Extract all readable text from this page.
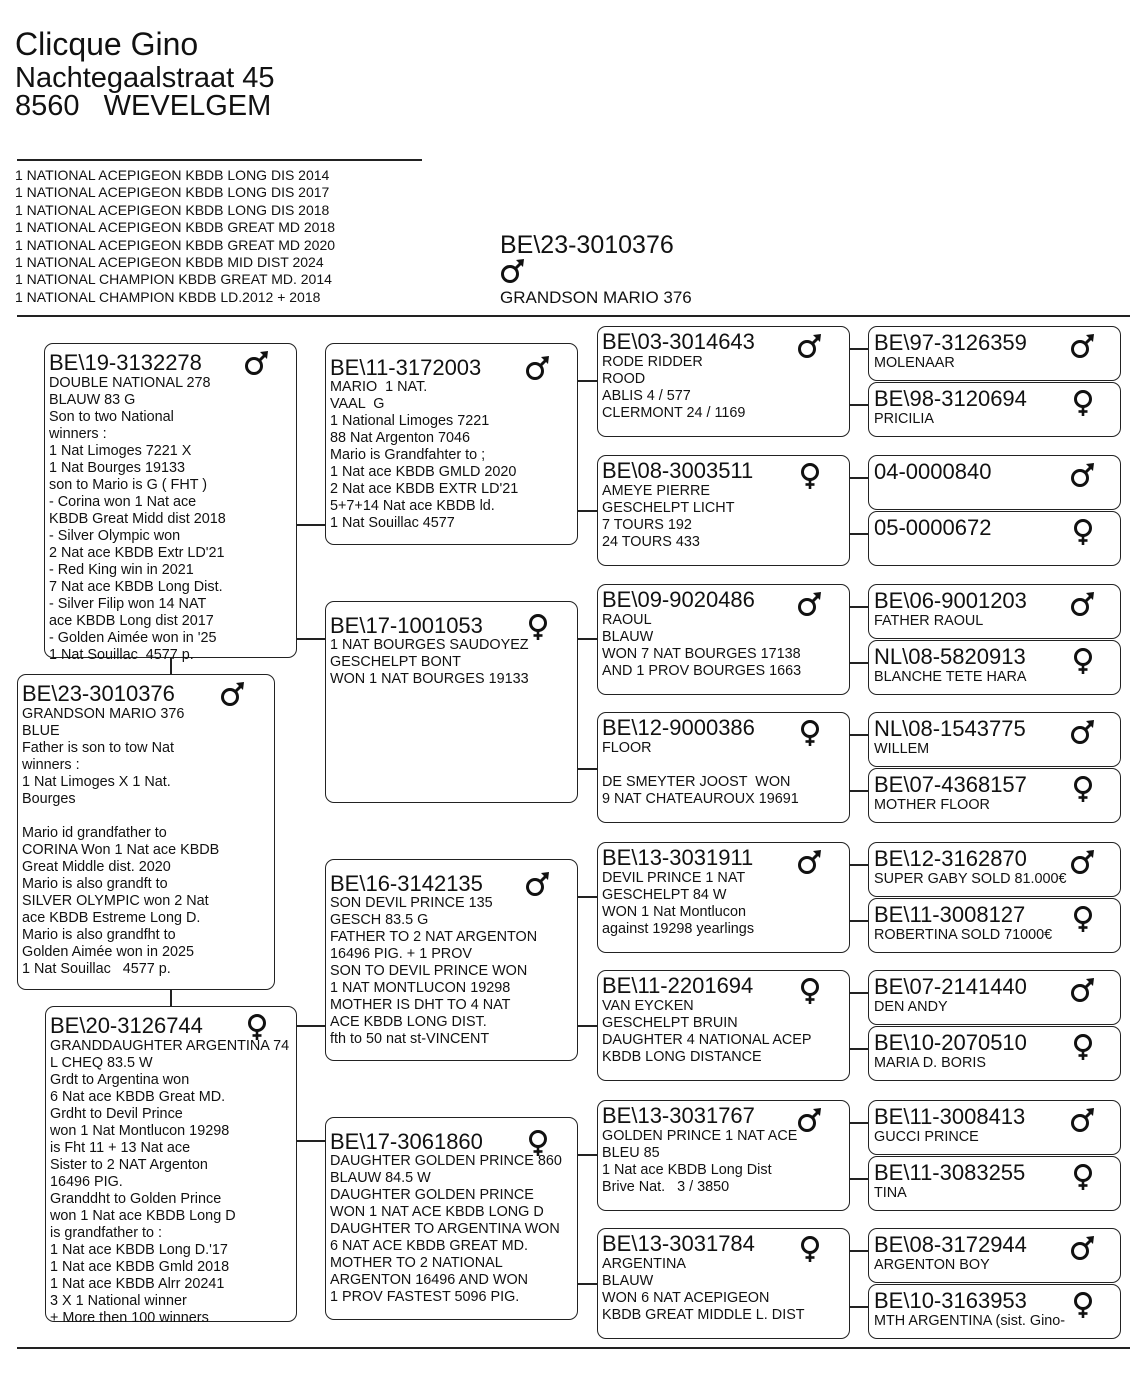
Clicque Gino
Nachtegaalstraat 45
8560   WEVELGEM
1 NATIONAL ACEPIGEON KBDB LONG DIS 2014
1 NATIONAL ACEPIGEON KBDB LONG DIS 2017
1 NATIONAL ACEPIGEON KBDB LONG DIS 2018
1 NATIONAL ACEPIGEON KBDB GREAT MD 2018
1 NATIONAL ACEPIGEON KBDB GREAT MD 2020
1 NATIONAL ACEPIGEON KBDB MID DIST 2024
1 NATIONAL CHAMPION KBDB GREAT MD. 2014
1 NATIONAL CHAMPION KBDB LD.2012 + 2018
BE\23-3010376
GRANDSON MARIO 376
BE\19-3132278
DOUBLE NATIONAL 278
BLAUW 83 G
Son to two National
winners :
1 Nat Limoges 7221 X
1 Nat Bourges 19133
son to Mario is G ( FHT )
- Corina won 1 Nat ace
KBDB Great Midd dist 2018
- Silver Olympic won
2 Nat ace KBDB Extr LD'21
- Red King win in 2021
7 Nat ace KBDB Long Dist.
- Silver Filip won 14 NAT
ace KBDB Long dist 2017
- Golden Aimée won in '25
1 Nat Souillac  4577 p.
BE\23-3010376
GRANDSON MARIO 376
BLUE
Father is son to tow Nat
winners :
1 Nat Limoges X 1 Nat.
Bourges

Mario id grandfather to
CORINA Won 1 Nat ace KBDB
Great Middle dist. 2020
Mario is also grandft to
SILVER OLYMPIC won 2 Nat
ace KBDB Estreme Long D.
Mario is also grandfht to
Golden Aimée won in 2025
1 Nat Souillac   4577 p.
BE\20-3126744
GRANDDAUGHTER ARGENTINA 74
L CHEQ 83.5 W
Grdt to Argentina won
6 Nat ace KBDB Great MD.
Grdht to Devil Prince
won 1 Nat Montlucon 19298
is Fht 11 + 13 Nat ace
Sister to 2 NAT Argenton
16496 PIG.
Granddht to Golden Prince
won 1 Nat ace KBDB Long D
is grandfather to :
1 Nat ace KBDB Long D.'17
1 Nat ace KBDB Gmld 2018
1 Nat ace KBDB Alrr 20241
3 X 1 National winner
+ More then 100 winners
BE\11-3172003
MARIO  1 NAT.
VAAL  G
1 National Limoges 7221
88 Nat Argenton 7046
Mario is Grandfahter to ;
1 Nat ace KBDB GMLD 2020
2 Nat ace KBDB EXTR LD'21
5+7+14 Nat ace KBDB ld.
1 Nat Souillac 4577
BE\17-1001053
1 NAT BOURGES SAUDOYEZ
GESCHELPT BONT
WON 1 NAT BOURGES 19133
BE\16-3142135
SON DEVIL PRINCE 135
GESCH 83.5 G
FATHER TO 2 NAT ARGENTON
16496 PIG. + 1 PROV
SON TO DEVIL PRINCE WON
1 NAT MONTLUCON 19298
MOTHER IS DHT TO 4 NAT
ACE KBDB LONG DIST.
fth to 50 nat st-VINCENT
BE\17-3061860
DAUGHTER GOLDEN PRINCE 860
BLAUW 84.5 W
DAUGHTER GOLDEN PRINCE
WON 1 NAT ACE KBDB LONG D
DAUGHTER TO ARGENTINA WON
6 NAT ACE KBDB GREAT MD.
MOTHER TO 2 NATIONAL
ARGENTON 16496 AND WON
1 PROV FASTEST 5096 PIG.
BE\03-3014643
RODE RIDDER
ROOD
ABLIS 4 / 577
CLERMONT 24 / 1169
BE\08-3003511
AMEYE PIERRE
GESCHELPT LICHT
7 TOURS 192
24 TOURS 433
BE\09-9020486
RAOUL
BLAUW
WON 7 NAT BOURGES 17138
AND 1 PROV BOURGES 1663
BE\12-9000386
FLOOR

DE SMEYTER JOOST  WON
9 NAT CHATEAUROUX 19691
BE\13-3031911
DEVIL PRINCE 1 NAT
GESCHELPT 84 W
WON 1 Nat Montlucon
against 19298 yearlings
BE\11-2201694
VAN EYCKEN
GESCHELPT BRUIN
DAUGHTER 4 NATIONAL ACEP
KBDB LONG DISTANCE
BE\13-3031767
GOLDEN PRINCE 1 NAT ACE
BLEU 85
1 Nat ace KBDB Long Dist
Brive Nat.   3 / 3850
BE\13-3031784
ARGENTINA
BLAUW
WON 6 NAT ACEPIGEON
KBDB GREAT MIDDLE L. DIST
BE\97-3126359
MOLENAAR
BE\98-3120694
PRICILIA
04-0000840
05-0000672
BE\06-9001203
FATHER RAOUL
NL\08-5820913
BLANCHE TETE HARA
NL\08-1543775
WILLEM
BE\07-4368157
MOTHER FLOOR
BE\12-3162870
SUPER GABY SOLD 81.000€
BE\11-3008127
ROBERTINA SOLD 71000€
BE\07-2141440
DEN ANDY
BE\10-2070510
MARIA D. BORIS
BE\11-3008413
GUCCI PRINCE
BE\11-3083255
TINA
BE\08-3172944
ARGENTON BOY
BE\10-3163953
MTH ARGENTINA (sist. Gino-
